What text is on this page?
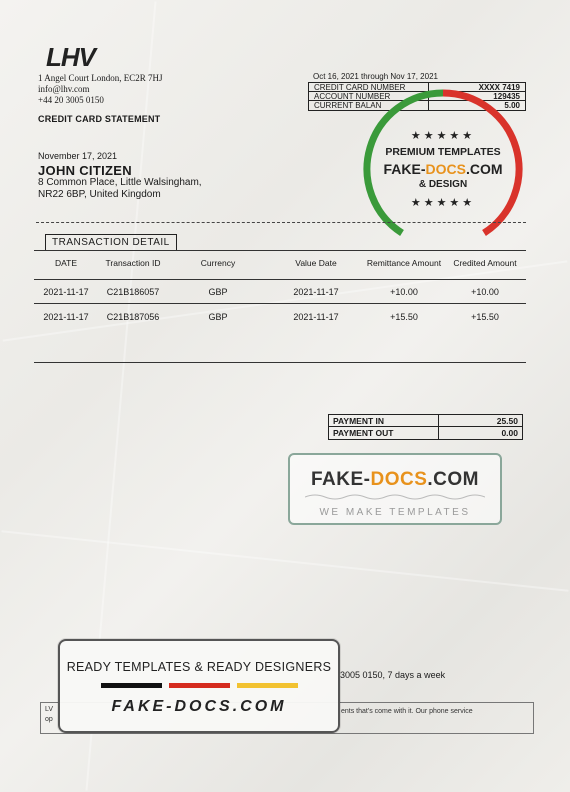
LHV
1 Angel Court London, EC2R 7HJ
info@lhv.com
+44 20 3005 0150
CREDIT CARD STATEMENT
Oct 16, 2021 through Nov 17, 2021
CREDIT CARD NUMBER	XXXX 7419
ACCOUNT NUMBER	129435
CURRENT BALAN	5.00
November 17, 2021
JOHN CITIZEN
8 Common Place, Little Walsingham,
NR22 6BP, United Kingdom
★★★★★
PREMIUM TEMPLATES
FAKE-DOCS.COM
& DESIGN
★★★★★
TRANSACTION DETAIL
DATE	Transaction ID	Currency	Value Date	Remittance Amount	Credited Amount
2021-11-17	C21B186057	GBP	2021-11-17	+10.00	+10.00
2021-11-17	C21B187056	GBP	2021-11-17	+15.50	+15.50
PAYMENT IN	25.50
PAYMENT OUT	0.00
FAKE-DOCS.COM
WE MAKE TEMPLATES
3005 0150, 7 days a week
LV
op
ents that's come with it. Our phone service
READY TEMPLATES & READY DESIGNERS
FAKE-DOCS.COM
